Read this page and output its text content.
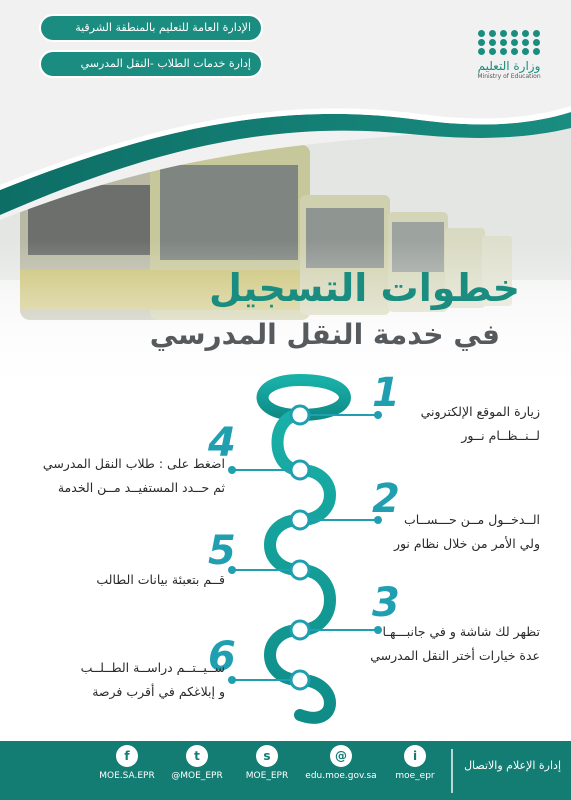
الإدارة العامة للتعليم بالمنطقة الشرقية
إدارة خدمات الطلاب -النقل المدرسي	وزارة التعليم
Ministry of Education
خطوات التسجيل
في خدمة النقل المدرسي
1
2
3
4
5
6
زيارة الموقع الإلكتروني
لــنــظــام نــور
الــدخــول مــن حـــســاب
ولي الأمر من خلال نظام نور
تظهر لك شاشة و في جانبـــهـا
عدة خيارات أختر النقل المدرسي
اضغط على : طلاب النقل المدرسي
ثم حــدد المستفيــد مــن الخدمة
قــم بتعبئة بيانات الطالب
ســيــتــم دراســة الطــلــب
و إبلاغكم في أقرب فرصة
إدارة الإعلام والاتصال
i
moe_epr
@
edu.moe.gov.sa
s
MOE_EPR
t
@MOE_EPR
f
MOE.SA.EPR
